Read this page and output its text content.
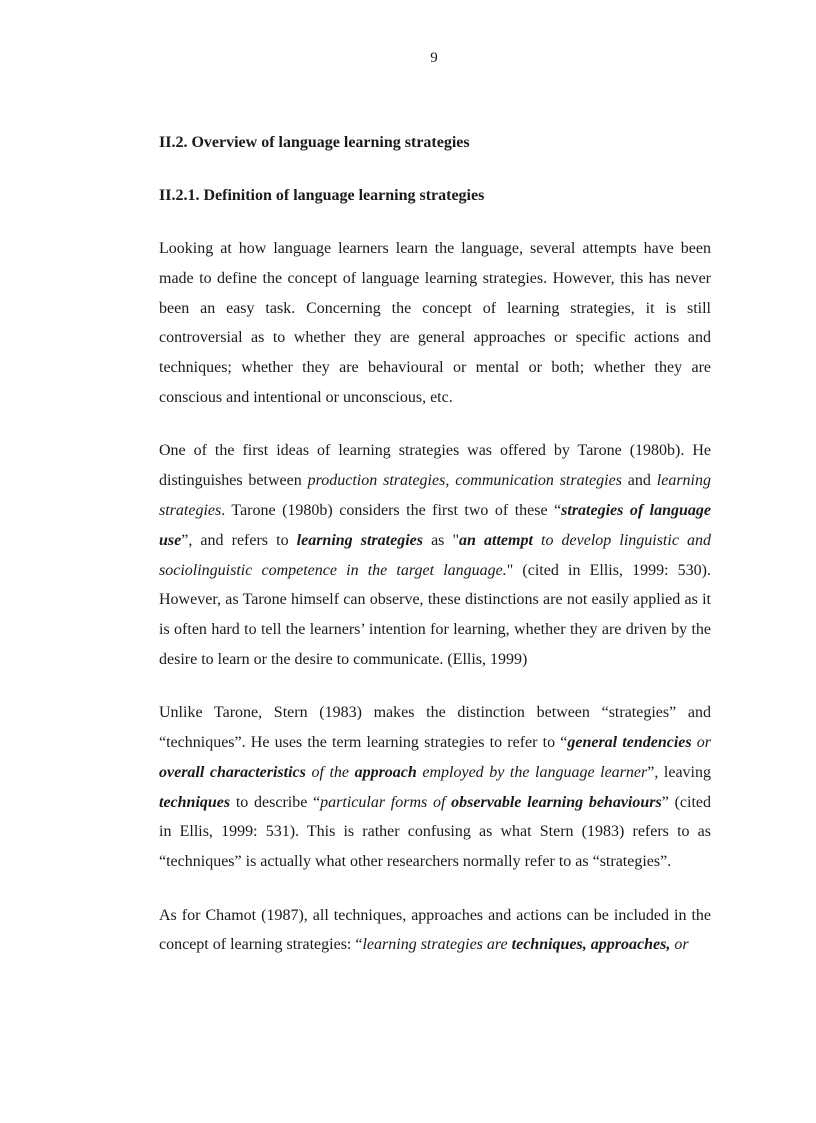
9
II.2. Overview of language learning strategies
II.2.1. Definition of language learning strategies

Looking at how language learners learn the language, several attempts have been made to define the concept of language learning strategies. However, this has never been an easy task. Concerning the concept of learning strategies, it is still controversial as to whether they are general approaches or specific actions and techniques; whether they are behavioural or mental or both; whether they are conscious and intentional or unconscious, etc.

One of the first ideas of learning strategies was offered by Tarone (1980b). He distinguishes between production strategies, communication strategies and learning strategies. Tarone (1980b) considers the first two of these “strategies of language use”, and refers to learning strategies as "an attempt to develop linguistic and sociolinguistic competence in the target language." (cited in Ellis, 1999: 530). However, as Tarone himself can observe, these distinctions are not easily applied as it is often hard to tell the learners’ intention for learning, whether they are driven by the desire to learn or the desire to communicate. (Ellis, 1999)

Unlike Tarone, Stern (1983) makes the distinction between “strategies” and “techniques”. He uses the term learning strategies to refer to “general tendencies or overall characteristics of the approach employed by the language learner”, leaving techniques to describe “particular forms of observable learning behaviours” (cited in Ellis, 1999: 531). This is rather confusing as what Stern (1983) refers to as “techniques” is actually what other researchers normally refer to as “strategies”.

As for Chamot (1987), all techniques, approaches and actions can be included in the concept of learning strategies: “learning strategies are techniques, approaches, or
